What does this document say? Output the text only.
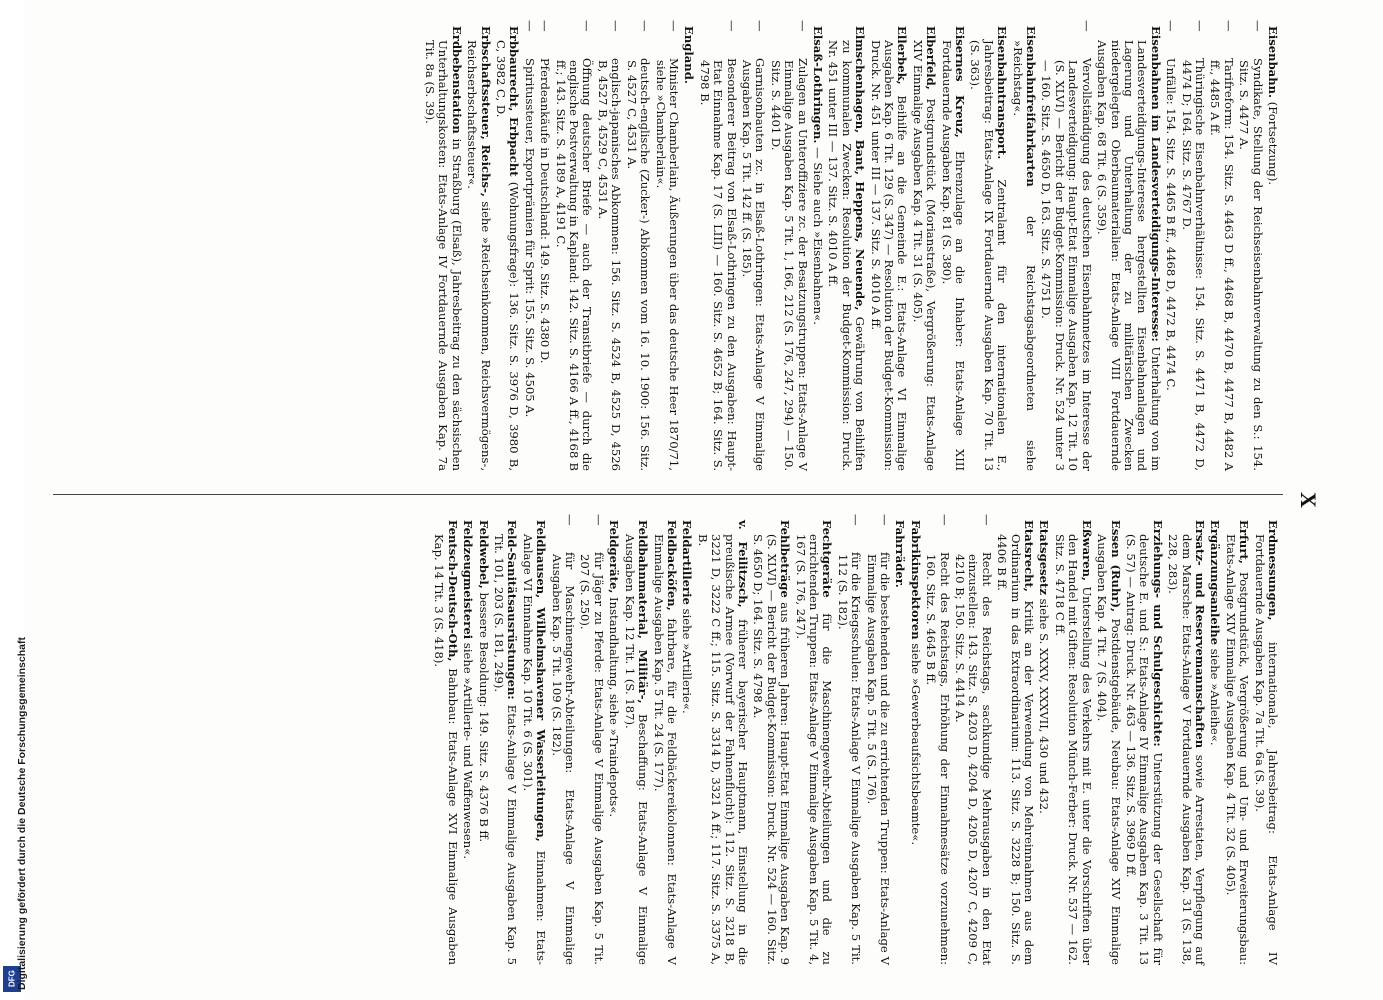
DFG Digitalisierung gefördert durch die Deutsche Forschungsgemeinschaft
X

Eisenbahn. (Fortsetzung).

—Syndikate, Stellung der Reichseisenbahnverwaltung zu den S.: 154. Sitz. S. 4477 A.

—Tarifreform: 154. Sitz. S. 4463 D ff., 4468 B, 4470 B, 4477 B, 4482 A ff., 4485 A ff.

—Thüringische Eisenbahnverhältnisse: 154. Sitz. S. 4471 B, 4472 D, 4474 D; 164. Sitz. S. 4767 D.

—Unfälle: 154. Sitz. S. 4465 B ff., 4468 D, 4472 B, 4474 C.

Eisenbahnen im Landesverteidigungs-Interesse: Unterhaltung von im Landesverteidigungs-Interesse hergestellten Eisenbahnanlagen und Lagerung und Unterhaltung der zu militärischen Zwecken niedergelegten Oberbaumaterialien: Etats-Anlage VIII Fortdauernde Ausgaben Kap. 68 Tit. 6 (S. 359).

—Vervollständigung des deutschen Eisenbahnnetzes im Interesse der Landesverteidigung: Haupt-Etat Einmalige Ausgaben Kap. 12 Tit. 10 (S. XLVI) — Bericht der Budget-Kommission: Druck. Nr. 524 unter 3 — 160. Sitz. S. 4650 D, 163. Sitz. S. 4751 D.

Eisenbahnfreifahrkarten der Reichstagsabgeordneten siehe »Reichstag«.

Eisenbahntransport. Zentralamt für den internationalen E., Jahresbeitrag: Etats-Anlage IX Fortdauernde Ausgaben Kap. 70 Tit. 13 (S. 363).

Eisernes Kreuz, Ehrenzulage an die Inhaber: Etats-Anlage XIII Fortdauernde Ausgaben Kap. 81 (S. 380).

Elberfeld, Postgrundstück (Morianstraße), Vergrößerung: Etats-Anlage XIV Einmalige Ausgaben Kap. 4 Tit. 31 (S. 405).

Ellerbek, Beihilfe an die Gemeinde E.: Etats-Anlage VI Einmalige Ausgaben Kap. 6 Tit. 129 (S. 347) — Resolution der Budget-Kommission: Druck. Nr. 451 unter III — 137. Sitz. S. 4010 A ff.

Elmschenhagen, Bant, Heppens, Neuende, Gewährung von Beihilfen zu kommunalen Zwecken: Resolution der Budget-Kommission: Druck. Nr. 451 unter III — 137. Sitz. S. 4010 A ff.

Elsaß-Lothringen. — Siehe auch »Eisenbahnen«.

—Zulagen an Unteroffiziere zc. der Besatzungstruppen: Etats-Anlage V Einmalige Ausgaben Kap. 5 Tit. 1, 166, 212 (S. 176, 247, 294) — 150. Sitz. S. 4401 D.

—Garnisonbauten zc. in Elsaß-Lothringen: Etats-Anlage V Einmalige Ausgaben Kap. 5 Tit. 142 ff. (S. 185).

—Besonderer Beitrag von Elsaß-Lothringen zu den Ausgaben: Haupt-Etat Einnahme Kap. 17 (S. LIII) — 160. Sitz. S. 4652 B; 164. Sitz. S. 4798 B.

England.

—Minister Chamberlain, Äußerungen über das deutsche Heer 1870/71, siehe »Chamberlain«.

—deutsch-englische (Zucker-) Abkommen vom 16. 10. 1900: 156. Sitz. S. 4527 C, 4531 A.

—englisch-japanisches Abkommen: 156. Sitz. S. 4524 B, 4525 D, 4526 B, 4527 B, 4529 C, 4531 A.

—Öffnung deutscher Briefe — auch der Transitbriefe — durch die englische Postverwaltung in Kapland: 142. Sitz. S. 4166 A ff., 4168 B ff.; 143. Sitz. S. 4189 A, 4191 C.

—Pferdeankäufe in Deutschland: 149. Sitz. S. 4380 D.

—Spiritussteuer, Exportprämien für Sprit: 155. Sitz. S. 4505 A.

Erbbaurecht, Erbpacht (Wohnungsfrage): 136. Sitz. S. 3976 D, 3980 B, C, 3982 C, D.

Erbschaftssteuer, Reichs-, siehe »Reichseinkommen, Reichsvermögens-, Reichserbschaftssteuer«.

Erdbebenstation in Straßburg (Elsaß), Jahresbeitrag zu den sächsischen Unterhaltungskosten: Etats-Anlage IV Fortdauernde Ausgaben Kap. 7a Tit. 8a (S. 39).

Erdmessungen, internationale, Jahresbeitrag: Etats-Anlage IV Fortdauernde Ausgaben Kap. 7a Tit. 6a (S. 39).

Erfurt, Postgrundstück, Vergrößerung und Um- und Erweiterungsbau: Etats-Anlage XIV Einmalige Ausgaben Kap. 4 Tit. 32 (S. 405).

Ergänzungsanleihe siehe »Anleihe«.

Ersatz- und Reservemannschaften sowie Arrestaten, Verpflegung auf dem Marsche: Etats-Anlage V Fortdauernde Ausgaben Kap. 31 (S. 138, 228, 283).

Erziehungs- und Schulgeschichte: Unterstützung der Gesellschaft für deutsche E. und S.: Etats-Anlage IV Einmalige Ausgaben Kap. 3 Tit. 13 (S. 57) — Antrag: Druck. Nr. 463 — 136. Sitz. S. 3969 D ff.

Essen (Ruhr), Postdienstgebäude, Neubau: Etats-Anlage XIV Einmalige Ausgaben Kap. 4 Tit. 7 (S. 404).

Eßwaren, Unterstellung des Verkehrs mit E. unter die Vorschriften über den Handel mit Giften: Resolution Münch-Ferber: Druck. Nr. 537 — 162. Sitz. S. 4718 C ff.

Etatsgesetz siehe S. XXXV, XXXVII, 430 und 432.

Etatsrecht, Kritik an der Verwendung von Mehreinnahmen aus dem Ordinarium in das Extraordinarium: 113. Sitz. S. 3228 B; 150. Sitz. S. 4406 B ff.

—Recht des Reichstags, sachkundige Mehrausgaben in den Etat einzustellen: 143. Sitz. S. 4203 D, 4204 D, 4205 D, 4207 C, 4209 C, 4210 B; 150. Sitz. S. 4414 A.

—Recht des Reichstags, Erhöhung der Einnahmesätze vorzunehmen: 160. Sitz. S. 4645 B ff.

Fabrikinspektoren siehe »Gewerbeaufsichtsbeamte«.

Fahrräder.

—für die bestehenden und die zu errichtenden Truppen: Etats-Anlage V Einmalige Ausgaben Kap. 5 Tit. 5 (S. 176).

—für die Kriegsschulen: Etats-Anlage V Einmalige Ausgaben Kap. 5 Tit. 112 (S. 182).

Fechtgeräte für die Maschinengewehr-Abteilungen und die zu errichtenden Truppen: Etats-Anlage V Einmalige Ausgaben Kap. 5 Tit. 4, 167 (S. 176, 247).

Fehlbeträge aus früheren Jahren: Haupt-Etat Einmalige Ausgaben Kap. 9 (S. XLVI) — Bericht der Budget-Kommission: Druck. Nr. 524 — 160. Sitz. S. 4650 D; 164. Sitz. S. 4798 A.

v. Feilitzsch, früherer bayerischer Hauptmann, Einstellung in die preußische Armee (Vorwurf der Fahnenflucht): 112. Sitz. S. 3218 B, 3221 D, 3222 C ff.; 115. Sitz. S. 3314 D, 3321 A ff.; 117. Sitz. S. 3375 A, B.

Feldartillerie siehe »Artillerie«.

Feldbacköfen, fahrbare, für die Feldbäckereikolonnen: Etats-Anlage V Einmalige Ausgaben Kap. 5 Tit. 24 (S. 177).

Feldbahnmaterial, Militär-, Beschaffung: Etats-Anlage V Einmalige Ausgaben Kap. 12 Tit. 1 (S. 187).

Feldgeräte, Instandhaltung, siehe »Traindepots«.

—für Jäger zu Pferde: Etats-Anlage V Einmalige Ausgaben Kap. 5 Tit. 207 (S. 250).

—für Maschinengewehr-Abteilungen: Etats-Anlage V Einmalige Ausgaben Kap. 5 Tit. 109 (S. 182).

Feldhausen, Wilhelmshavener Wasserleitungen, Einnahmen: Etats-Anlage VI Einnahme Kap. 10 Tit. 6 (S. 301).

Feld-Sanitätsausrüstungen: Etats-Anlage V Einmalige Ausgaben Kap. 5 Tit. 101, 203 (S. 181, 249).

Feldwebel, bessere Besoldung: 149. Sitz. S. 4376 B ff.

Feldzeugmeisterei siehe »Artillerie- und Waffenwesen«.

Fentsch-Deutsch-Oth, Bahnbau: Etats-Anlage XVI Einmalige Ausgaben Kap. 14 Tit. 3 (S. 418).
